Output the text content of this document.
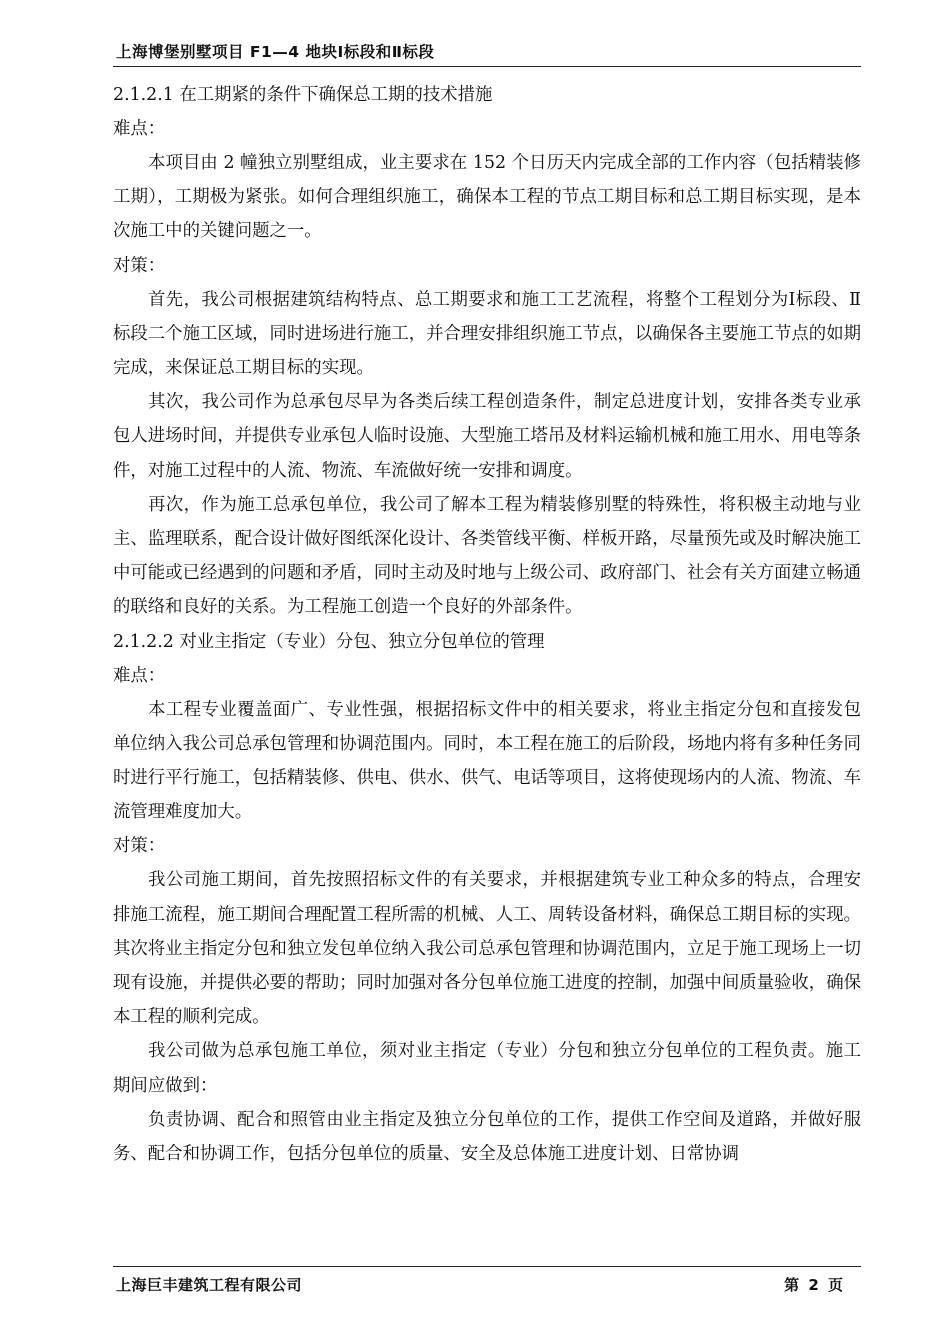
上海博堡别墅项目 F1—4 地块Ⅰ标段和Ⅱ标段
2.1.2.1 在工期紧的条件下确保总工期的技术措施
难点：
本项目由 2 幢独立别墅组成，业主要求在 152 个日历天内完成全部的工作内容（包括精装修工期），工期极为紧张。如何合理组织施工，确保本工程的节点工期目标和总工期目标实现，是本次施工中的关键问题之一。
对策：
首先，我公司根据建筑结构特点、总工期要求和施工工艺流程，将整个工程划分为Ⅰ标段、Ⅱ标段二个施工区域，同时进场进行施工，并合理安排组织施工节点，以确保各主要施工节点的如期完成，来保证总工期目标的实现。
其次，我公司作为总承包尽早为各类后续工程创造条件，制定总进度计划，安排各类专业承包人进场时间，并提供专业承包人临时设施、大型施工塔吊及材料运输机械和施工用水、用电等条件，对施工过程中的人流、物流、车流做好统一安排和调度。
再次，作为施工总承包单位，我公司了解本工程为精装修别墅的特殊性，将积极主动地与业主、监理联系，配合设计做好图纸深化设计、各类管线平衡、样板开路，尽量预先或及时解决施工中可能或已经遇到的问题和矛盾，同时主动及时地与上级公司、政府部门、社会有关方面建立畅通的联络和良好的关系。为工程施工创造一个良好的外部条件。
2.1.2.2 对业主指定（专业）分包、独立分包单位的管理
难点：
本工程专业覆盖面广、专业性强，根据招标文件中的相关要求，将业主指定分包和直接发包单位纳入我公司总承包管理和协调范围内。同时，本工程在施工的后阶段，场地内将有多种任务同时进行平行施工，包括精装修、供电、供水、供气、电话等项目，这将使现场内的人流、物流、车流管理难度加大。
对策：
我公司施工期间，首先按照招标文件的有关要求，并根据建筑专业工种众多的特点，合理安排施工流程，施工期间合理配置工程所需的机械、人工、周转设备材料，确保总工期目标的实现。其次将业主指定分包和独立发包单位纳入我公司总承包管理和协调范围内，立足于施工现场上一切现有设施，并提供必要的帮助；同时加强对各分包单位施工进度的控制，加强中间质量验收，确保本工程的顺利完成。
我公司做为总承包施工单位，须对业主指定（专业）分包和独立分包单位的工程负责。施工期间应做到：
负责协调、配合和照管由业主指定及独立分包单位的工作，提供工作空间及道路，并做好服务、配合和协调工作，包括分包单位的质量、安全及总体施工进度计划、日常协调
上海巨丰建筑工程有限公司	第 2 页
